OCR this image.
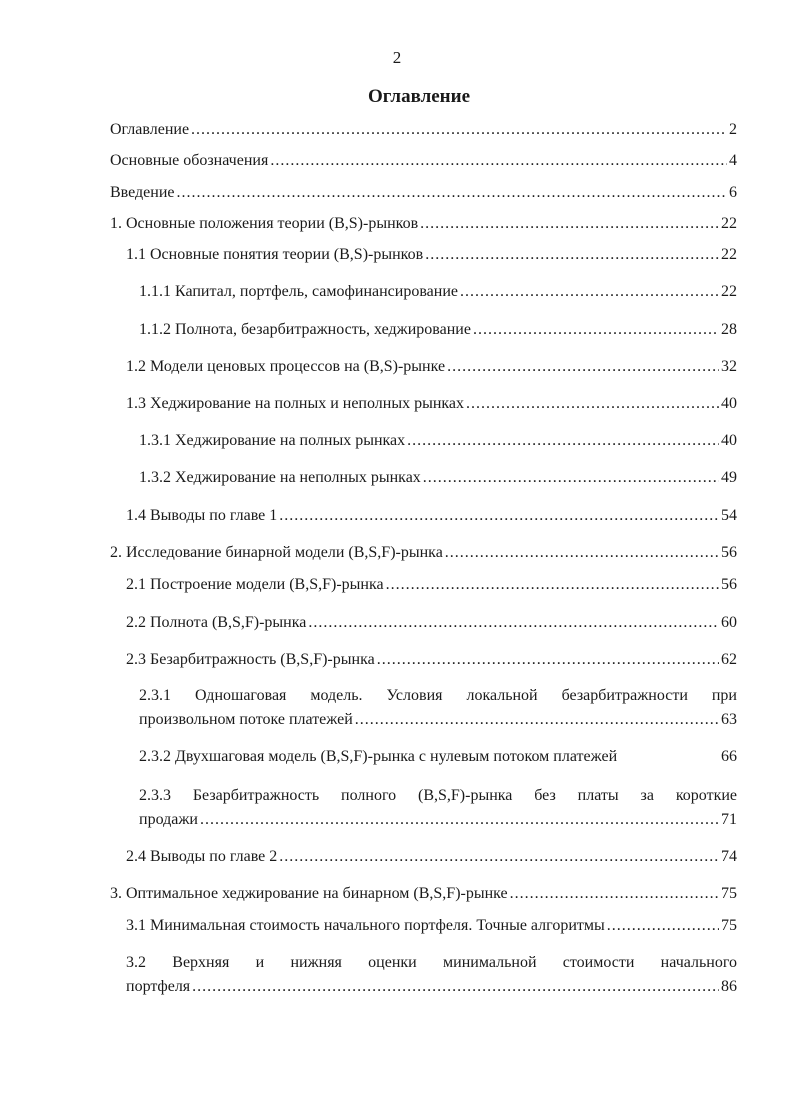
2
Оглавление
Оглавление .....	2
Основные обозначения .....	4
Введение .....	6
1. Основные положения теории (B,S)-рынков .....	22
1.1 Основные понятия теории (B,S)-рынков .....	22
1.1.1 Капитал, портфель, самофинансирование .....	22
1.1.2 Полнота, безарбитражность, хеджирование .....	28
1.2 Модели ценовых процессов на (B,S)-рынке .....	32
1.3 Хеджирование на полных и неполных рынках .....	40
1.3.1 Хеджирование на полных рынках .....	40
1.3.2 Хеджирование на неполных рынках .....	49
1.4 Выводы по главе 1 .....	54
2. Исследование бинарной модели (B,S,F)-рынка .....	56
2.1 Построение модели (B,S,F)-рынка .....	56
2.2 Полнота (B,S,F)-рынка .....	60
2.3 Безарбитражность (B,S,F)-рынка .....	62
2.3.1 Одношаговая модель. Условия локальной безарбитражности при
произвольном потоке платежей .....	63
2.3.2 Двухшаговая модель (B,S,F)-рынка с нулевым потоком платежей	66
2.3.3 Безарбитражность полного (B,S,F)-рынка без платы за короткие
продажи .....	71
2.4 Выводы по главе 2 .....	74
3. Оптимальное хеджирование на бинарном (B,S,F)-рынке .....	75
3.1 Минимальная стоимость начального портфеля. Точные алгоритмы .....	75
3.2 Верхняя и нижняя оценки минимальной стоимости начального
портфеля .....	86
